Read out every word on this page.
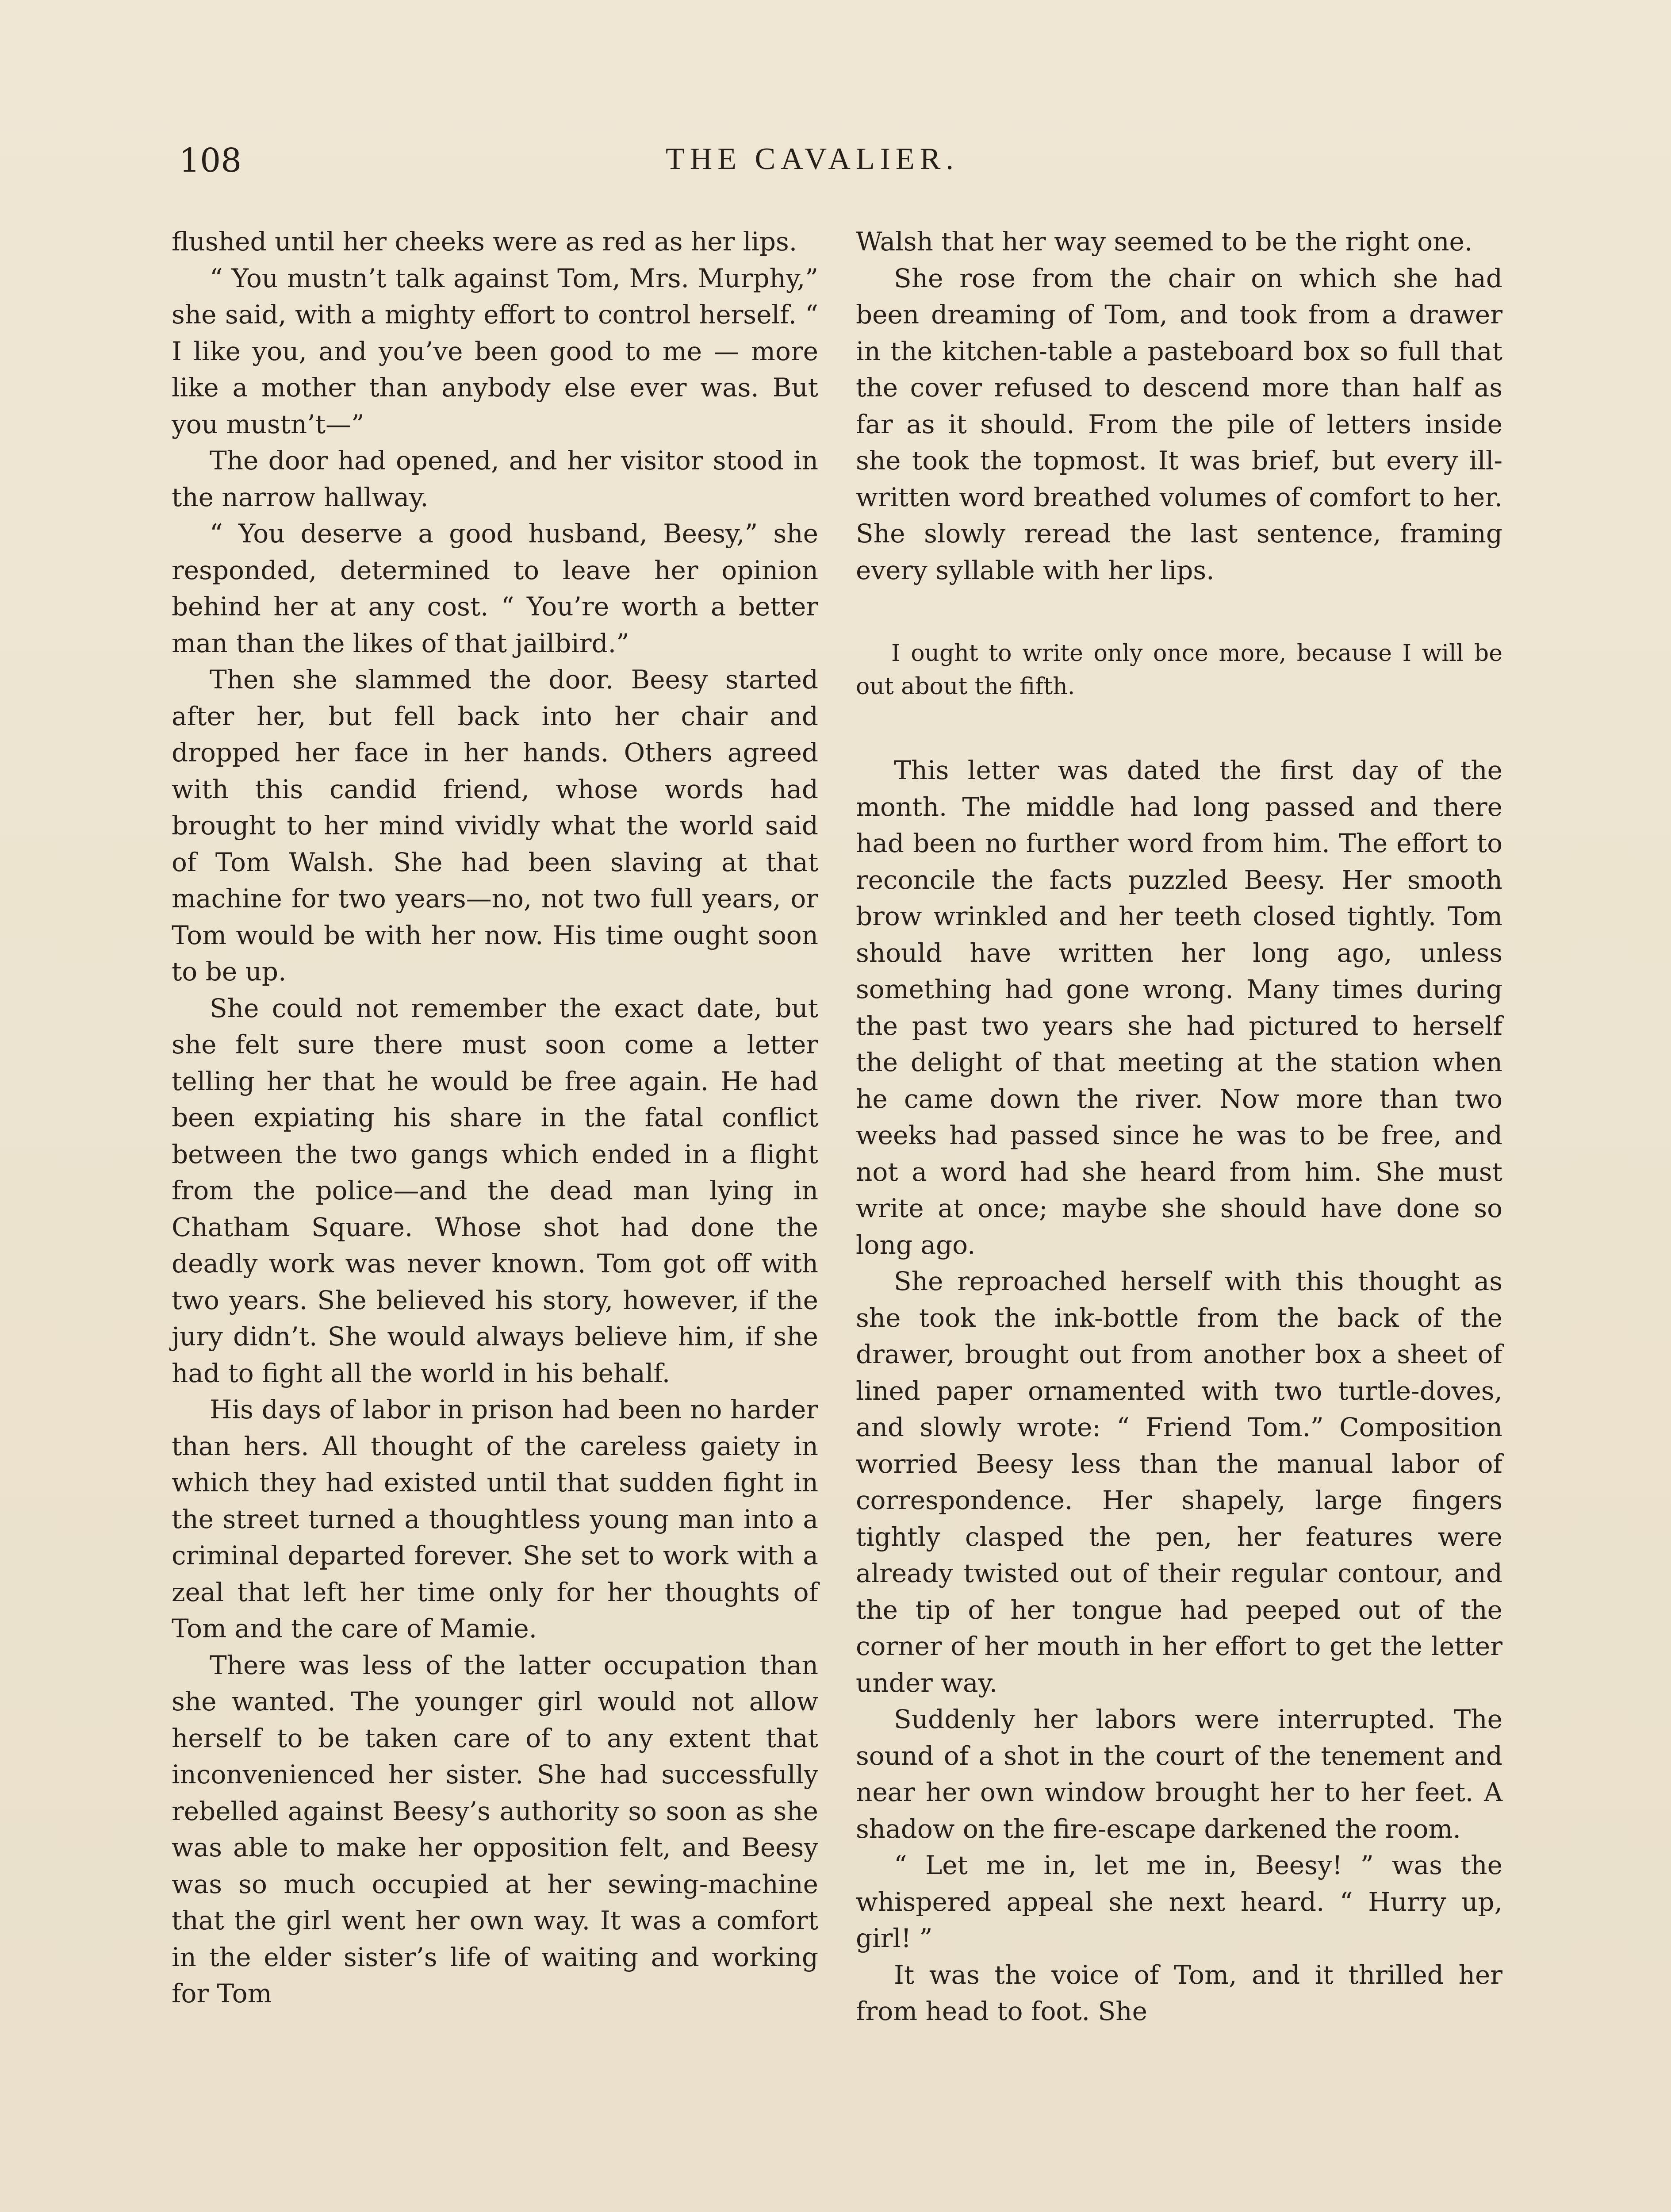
108	THE CAVALIER.

flushed until her cheeks were as red as her lips.

“ You mustn’t talk against Tom, Mrs. Murphy,” she said, with a mighty effort to control herself. “ I like you, and you’ve been good to me — more like a mother than anybody else ever was. But you mustn’t—”

The door had opened, and her visitor stood in the narrow hallway.

“ You deserve a good husband, Beesy,” she responded, determined to leave her opinion behind her at any cost. “ You’re worth a better man than the likes of that jailbird.”

Then she slammed the door. Beesy started after her, but fell back into her chair and dropped her face in her hands. Others agreed with this candid friend, whose words had brought to her mind vividly what the world said of Tom Walsh. She had been slaving at that machine for two years—no, not two full years, or Tom would be with her now. His time ought soon to be up.

She could not remember the exact date, but she felt sure there must soon come a letter telling her that he would be free again. He had been expiating his share in the fatal conflict between the two gangs which ended in a flight from the police—and the dead man lying in Chatham Square. Whose shot had done the deadly work was never known. Tom got off with two years. She believed his story, however, if the jury didn’t. She would always believe him, if she had to fight all the world in his behalf.

His days of labor in prison had been no harder than hers. All thought of the careless gaiety in which they had existed until that sudden fight in the street turned a thoughtless young man into a criminal departed forever. She set to work with a zeal that left her time only for her thoughts of Tom and the care of Mamie.

There was less of the latter occupation than she wanted. The younger girl would not allow herself to be taken care of to any extent that inconvenienced her sister. She had successfully rebelled against Beesy’s authority so soon as she was able to make her opposition felt, and Beesy was so much occupied at her sewing-machine that the girl went her own way. It was a comfort in the elder sister’s life of waiting and working for Tom

Walsh that her way seemed to be the right one.

She rose from the chair on which she had been dreaming of Tom, and took from a drawer in the kitchen-table a pasteboard box so full that the cover refused to descend more than half as far as it should. From the pile of letters inside she took the topmost. It was brief, but every ill-written word breathed volumes of comfort to her. She slowly reread the last sentence, framing every syllable with her lips.

I ought to write only once more, because I will be out about the fifth.

This letter was dated the first day of the month. The middle had long passed and there had been no further word from him. The effort to reconcile the facts puzzled Beesy. Her smooth brow wrinkled and her teeth closed tightly. Tom should have written her long ago, unless something had gone wrong. Many times during the past two years she had pictured to herself the delight of that meeting at the station when he came down the river. Now more than two weeks had passed since he was to be free, and not a word had she heard from him. She must write at once; maybe she should have done so long ago.

She reproached herself with this thought as she took the ink-bottle from the back of the drawer, brought out from another box a sheet of lined paper ornamented with two turtle-doves, and slowly wrote: “ Friend Tom.” Composition worried Beesy less than the manual labor of correspondence. Her shapely, large fingers tightly clasped the pen, her features were already twisted out of their regular contour, and the tip of her tongue had peeped out of the corner of her mouth in her effort to get the letter under way.

Suddenly her labors were interrupted. The sound of a shot in the court of the tenement and near her own window brought her to her feet. A shadow on the fire-escape darkened the room.

“ Let me in, let me in, Beesy! ” was the whispered appeal she next heard. “ Hurry up, girl! ”

It was the voice of Tom, and it thrilled her from head to foot. She
